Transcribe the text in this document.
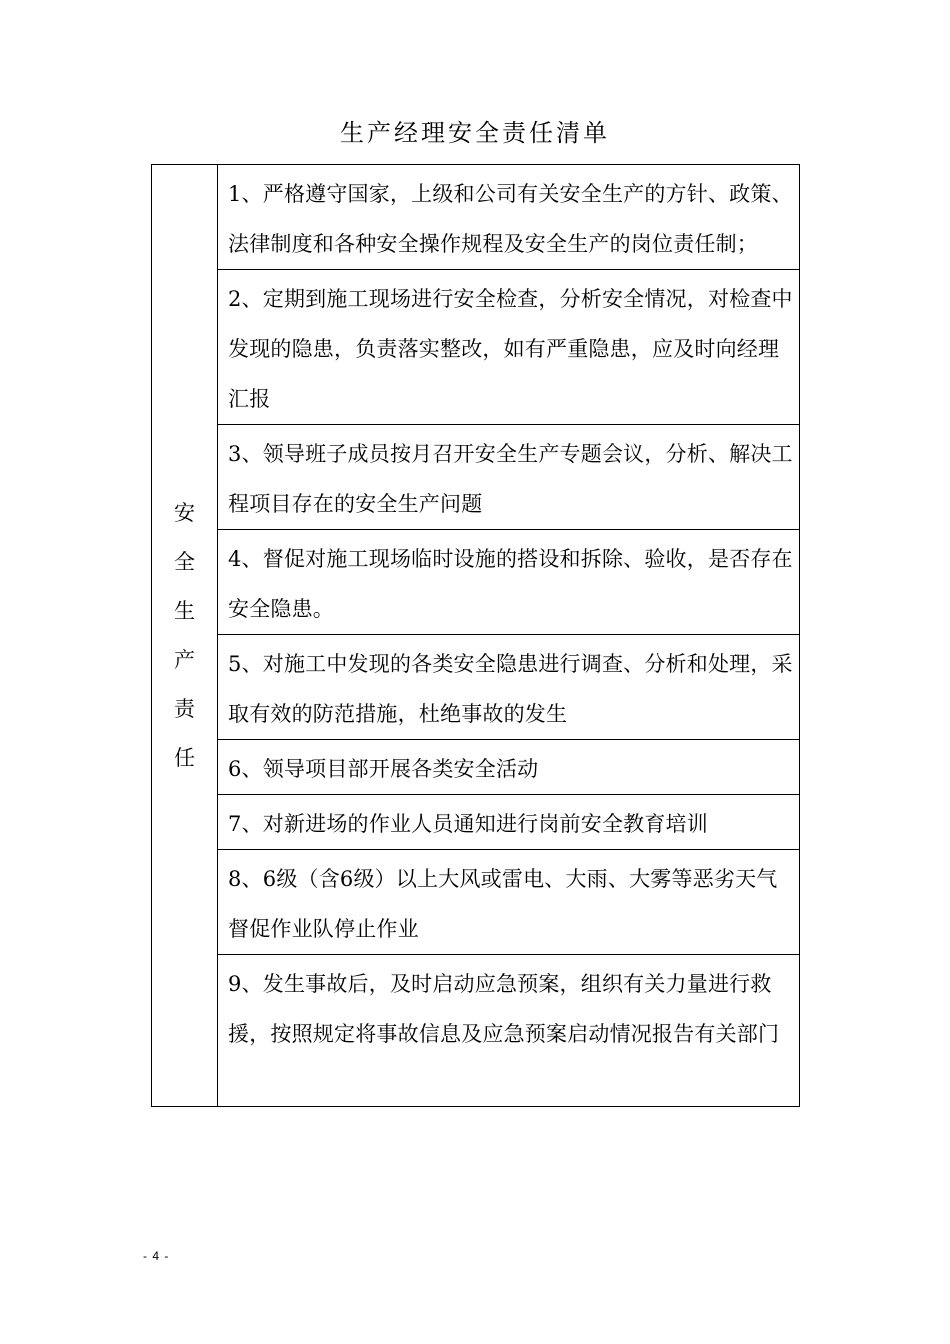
生产经理安全责任清单
安全生产责任	
1、严格遵守国家，上级和公司有关安全生产的方针、政策、法律制度和各种安全操作规程及安全生产的岗位责任制；

2、定期到施工现场进行安全检查，分析安全情况，对检查中发现的隐患，负责落实整改，如有严重隐患，应及时向经理汇报

3、领导班子成员按月召开安全生产专题会议，分析、解决工程项目存在的安全生产问题

4、督促对施工现场临时设施的搭设和拆除、验收，是否存在安全隐患。

5、对施工中发现的各类安全隐患进行调查、分析和处理，采取有效的防范措施，杜绝事故的发生

6、领导项目部开展各类安全活动

7、对新进场的作业人员通知进行岗前安全教育培训

8、6级（含6级）以上大风或雷电、大雨、大雾等恶劣天气督促作业队停止作业

9、发生事故后，及时启动应急预案，组织有关力量进行救援，按照规定将事故信息及应急预案启动情况报告有关部门
- 4 -
